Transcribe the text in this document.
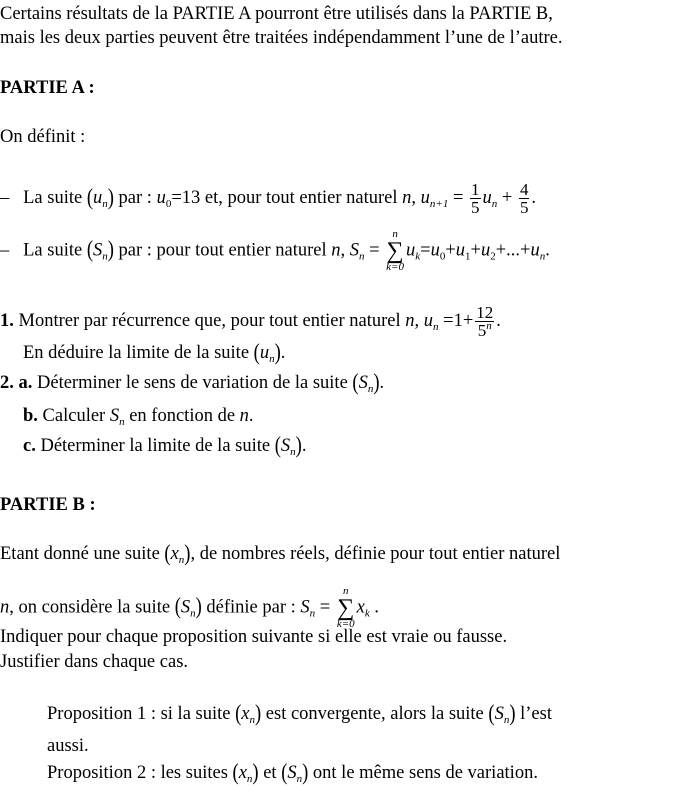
Certains résultats de la PARTIE A pourront être utilisés dans la PARTIE B,
mais les deux parties peuvent être traitées indépendamment l’une de l’autre.
PARTIE A :
On définit :
– La suite $(u_n)$ par : $u_0=13$ et, pour tout entier naturel n, $u_{n+1} = \frac{1}{5} u_n + \frac{4}{5}$ .
– La suite $(S_n)$ par : pour tout entier naturel n, $S_n$ =
n
∑
k=0
$u_k=u_0+u_1+u_2+...+u_n$.
1. Montrer par récurrence que, pour tout entier naturel n, $u_n =1+ \frac{12}{5^n}$ .
En déduire la limite de la suite $(u_n)$.
2. a. Déterminer le sens de variation de la suite $(S_n)$.
b. Calculer $S_n$ en fonction de n.
c. Déterminer la limite de la suite $(S_n)$.
PARTIE B :
Etant donné une suite $(x_n)$, de nombres réels, définie pour tout entier naturel
n, on considère la suite $(S_n)$ définie par : $S_n$ =
n
∑
k=0
$x_k$ .
Indiquer pour chaque proposition suivante si elle est vraie ou fausse.
Justifier dans chaque cas.
Proposition 1 : si la suite $(x_n)$ est convergente, alors la suite $(S_n)$ l’est
aussi.
Proposition 2 : les suites $(x_n)$ et $(S_n)$ ont le même sens de variation.
